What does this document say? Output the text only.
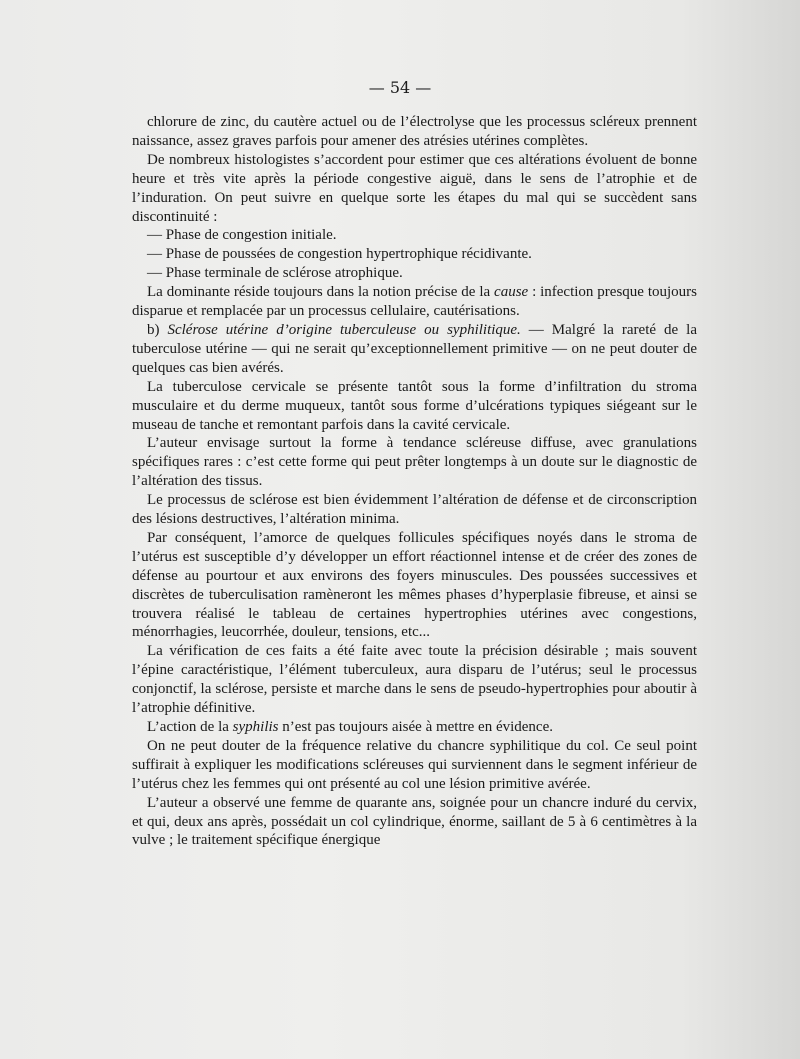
— 54 —

chlorure de zinc, du cautère actuel ou de l’électrolyse que les processus scléreux prennent naissance, assez graves parfois pour amener des atrésies utérines complètes.

De nombreux histologistes s’accordent pour estimer que ces altérations évoluent de bonne heure et très vite après la période congestive aiguë, dans le sens de l’atrophie et de l’induration. On peut suivre en quelque sorte les étapes du mal qui se succèdent sans discontinuité :

— Phase de congestion initiale.

— Phase de poussées de congestion hypertrophique récidivante.

— Phase terminale de sclérose atrophique.

La dominante réside toujours dans la notion précise de la cause : infection presque toujours disparue et remplacée par un processus cellulaire, cautérisations.

b) Sclérose utérine d’origine tuberculeuse ou syphilitique. — Malgré la rareté de la tuberculose utérine — qui ne serait qu’exceptionnellement primitive — on ne peut douter de quelques cas bien avérés.

La tuberculose cervicale se présente tantôt sous la forme d’infiltration du stroma musculaire et du derme muqueux, tantôt sous forme d’ulcérations typiques siégeant sur le museau de tanche et remontant parfois dans la cavité cervicale.

L’auteur envisage surtout la forme à tendance scléreuse diffuse, avec granulations spécifiques rares : c’est cette forme qui peut prêter longtemps à un doute sur le diagnostic de l’altération des tissus.

Le processus de sclérose est bien évidemment l’altération de défense et de circonscription des lésions destructives, l’altération minima.

Par conséquent, l’amorce de quelques follicules spécifiques noyés dans le stroma de l’utérus est susceptible d’y développer un effort réactionnel intense et de créer des zones de défense au pourtour et aux environs des foyers minuscules. Des poussées successives et discrètes de tuberculisation ramèneront les mêmes phases d’hyperplasie fibreuse, et ainsi se trouvera réalisé le tableau de certaines hypertrophies utérines avec congestions, ménorrhagies, leucorrhée, douleur, tensions, etc...

La vérification de ces faits a été faite avec toute la précision désirable ; mais souvent l’épine caractéristique, l’élément tuberculeux, aura disparu de l’utérus; seul le processus conjonctif, la sclérose, persiste et marche dans le sens de pseudo-hypertrophies pour aboutir à l’atrophie définitive.

L’action de la syphilis n’est pas toujours aisée à mettre en évidence.

On ne peut douter de la fréquence relative du chancre syphilitique du col. Ce seul point suffirait à expliquer les modifications scléreuses qui surviennent dans le segment inférieur de l’utérus chez les femmes qui ont présenté au col une lésion primitive avérée.

L’auteur a observé une femme de quarante ans, soignée pour un chancre induré du cervix, et qui, deux ans après, possédait un col cylindrique, énorme, saillant de 5 à 6 centimètres à la vulve ; le traitement spécifique énergique
